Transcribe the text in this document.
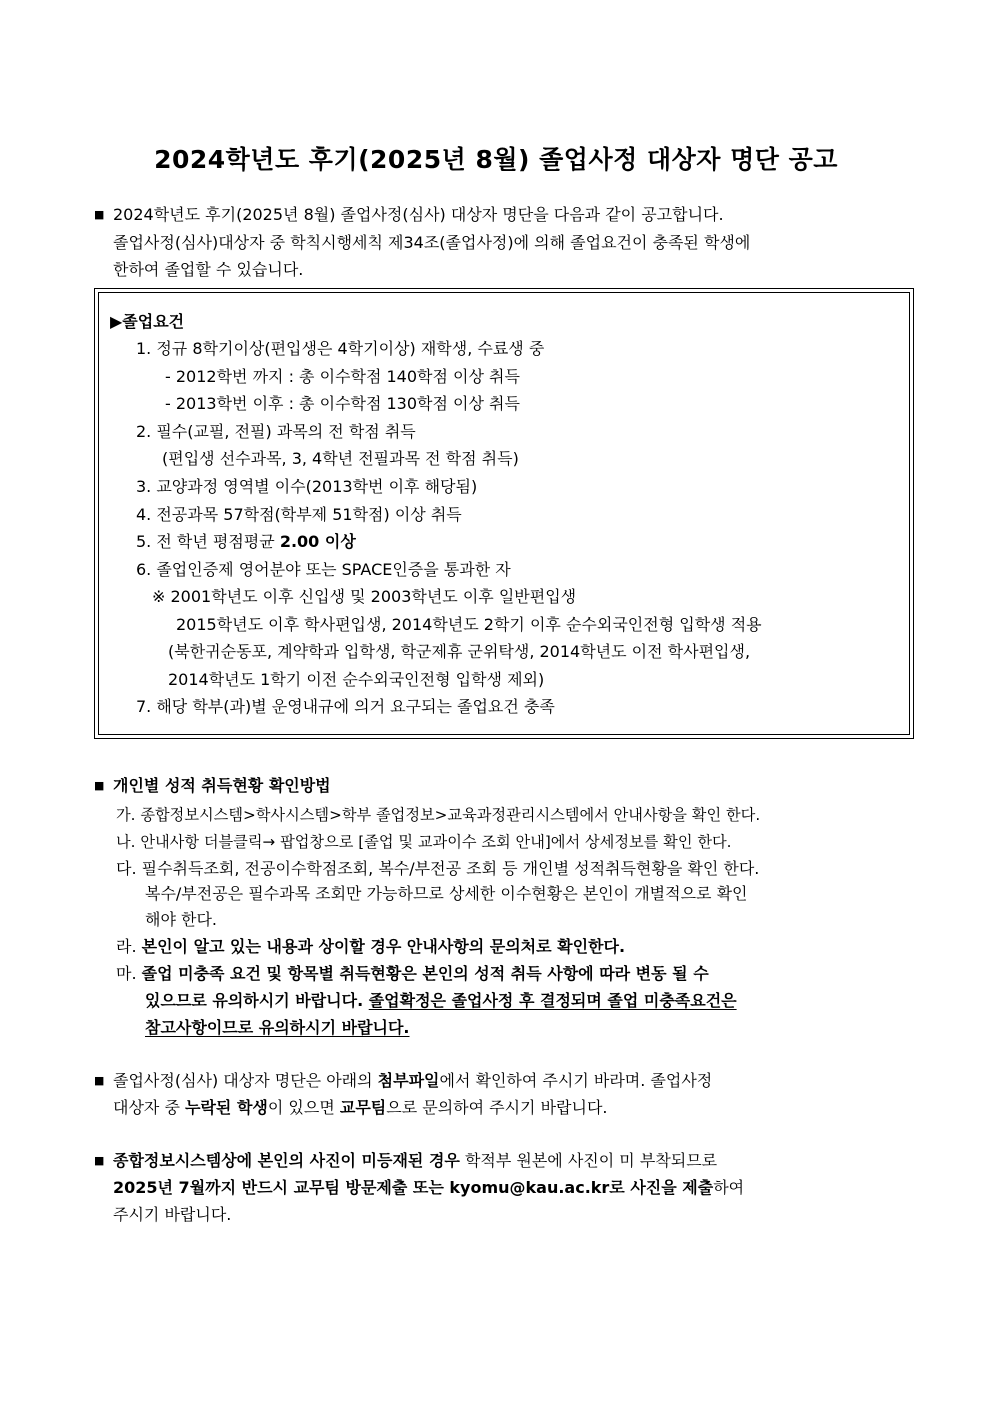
2024학년도 후기(2025년 8월) 졸업사정 대상자 명단 공고
■ 2024학년도 후기(2025년 8월) 졸업사정(심사) 대상자 명단을 다음과 같이 공고합니다.
졸업사정(심사)대상자 중 학칙시행세칙 제34조(졸업사정)에 의해 졸업요건이 충족된 학생에
한하여 졸업할 수 있습니다.
▶졸업요건
1. 정규 8학기이상(편입생은 4학기이상) 재학생, 수료생 중
- 2012학번 까지 : 총 이수학점 140학점 이상 취득
- 2013학번 이후 : 총 이수학점 130학점 이상 취득
2. 필수(교필, 전필) 과목의 전 학점 취득
(편입생 선수과목, 3, 4학년 전필과목 전 학점 취득)
3. 교양과정 영역별 이수(2013학번 이후 해당됨)
4. 전공과목 57학점(학부제 51학점) 이상 취득
5. 전 학년 평점평균 2.00 이상
6. 졸업인증제 영어분야 또는 SPACE인증을 통과한 자
※ 2001학년도 이후 신입생 및 2003학년도 이후 일반편입생
2015학년도 이후 학사편입생, 2014학년도 2학기 이후 순수외국인전형 입학생 적용
(북한귀순동포, 계약학과 입학생, 학군제휴 군위탁생, 2014학년도 이전 학사편입생,
2014학년도 1학기 이전 순수외국인전형 입학생 제외)
7. 해당 학부(과)별 운영내규에 의거 요구되는 졸업요건 충족
■ 개인별 성적 취득현황 확인방법
가. 종합정보시스템>학사시스템>학부 졸업정보>교육과정관리시스템에서 안내사항을 확인 한다.
나. 안내사항 더블클릭→ 팝업창으로 [졸업 및 교과이수 조회 안내]에서 상세정보를 확인 한다.
다. 필수취득조회, 전공이수학점조회, 복수/부전공 조회 등 개인별 성적취득현황을 확인 한다.
복수/부전공은 필수과목 조회만 가능하므로 상세한 이수현황은 본인이 개별적으로 확인
해야 한다.
라. 본인이 알고 있는 내용과 상이할 경우 안내사항의 문의처로 확인한다.
마. 졸업 미충족 요건 및 항목별 취득현황은 본인의 성적 취득 사항에 따라 변동 될 수
있으므로 유의하시기 바랍니다. 졸업확정은 졸업사정 후 결정되며 졸업 미충족요건은
참고사항이므로 유의하시기 바랍니다.
■ 졸업사정(심사) 대상자 명단은 아래의 첨부파일에서 확인하여 주시기 바라며. 졸업사정
대상자 중 누락된 학생이 있으면 교무팀으로 문의하여 주시기 바랍니다.
■ 종합정보시스템상에 본인의 사진이 미등재된 경우 학적부 원본에 사진이 미 부착되므로
2025년 7월까지 반드시 교무팀 방문제출 또는 kyomu@kau.ac.kr로 사진을 제출하여
주시기 바랍니다.
